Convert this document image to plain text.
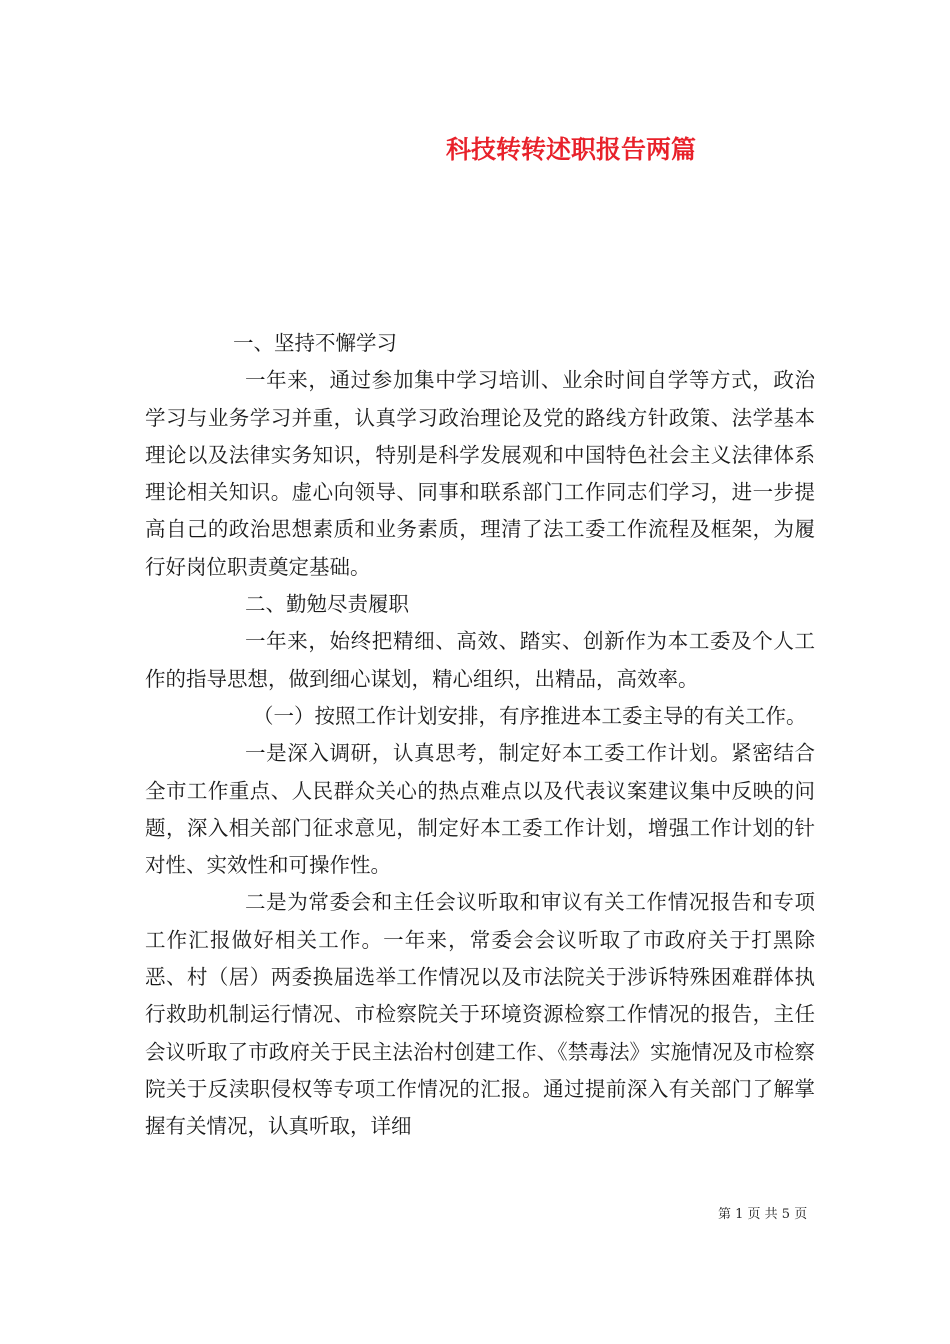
科技转转述职报告两篇

一、坚持不懈学习

一年来，通过参加集中学习培训、业余时间自学等方式，政治学习与业务学习并重，认真学习政治理论及党的路线方针政策、法学基本理论以及法律实务知识，特别是科学发展观和中国特色社会主义法律体系理论相关知识。虚心向领导、同事和联系部门工作同志们学习，进一步提高自己的政治思想素质和业务素质，理清了法工委工作流程及框架，为履行好岗位职责奠定基础。

二、勤勉尽责履职

一年来，始终把精细、高效、踏实、创新作为本工委及个人工作的指导思想，做到细心谋划，精心组织，出精品，高效率。

（一）按照工作计划安排，有序推进本工委主导的有关工作。

一是深入调研，认真思考，制定好本工委工作计划。紧密结合全市工作重点、人民群众关心的热点难点以及代表议案建议集中反映的问题，深入相关部门征求意见，制定好本工委工作计划，增强工作计划的针对性、实效性和可操作性。

二是为常委会和主任会议听取和审议有关工作情况报告和专项工作汇报做好相关工作。一年来，常委会会议听取了市政府关于打黑除恶、村（居）两委换届选举工作情况以及市法院关于涉诉特殊困难群体执行救助机制运行情况、市检察院关于环境资源检察工作情况的报告，主任会议听取了市政府关于民主法治村创建工作、《禁毒法》实施情况及市检察院关于反渎职侵权等专项工作情况的汇报。通过提前深入有关部门了解掌握有关情况，认真听取，详细

第 1 页 共 5 页
